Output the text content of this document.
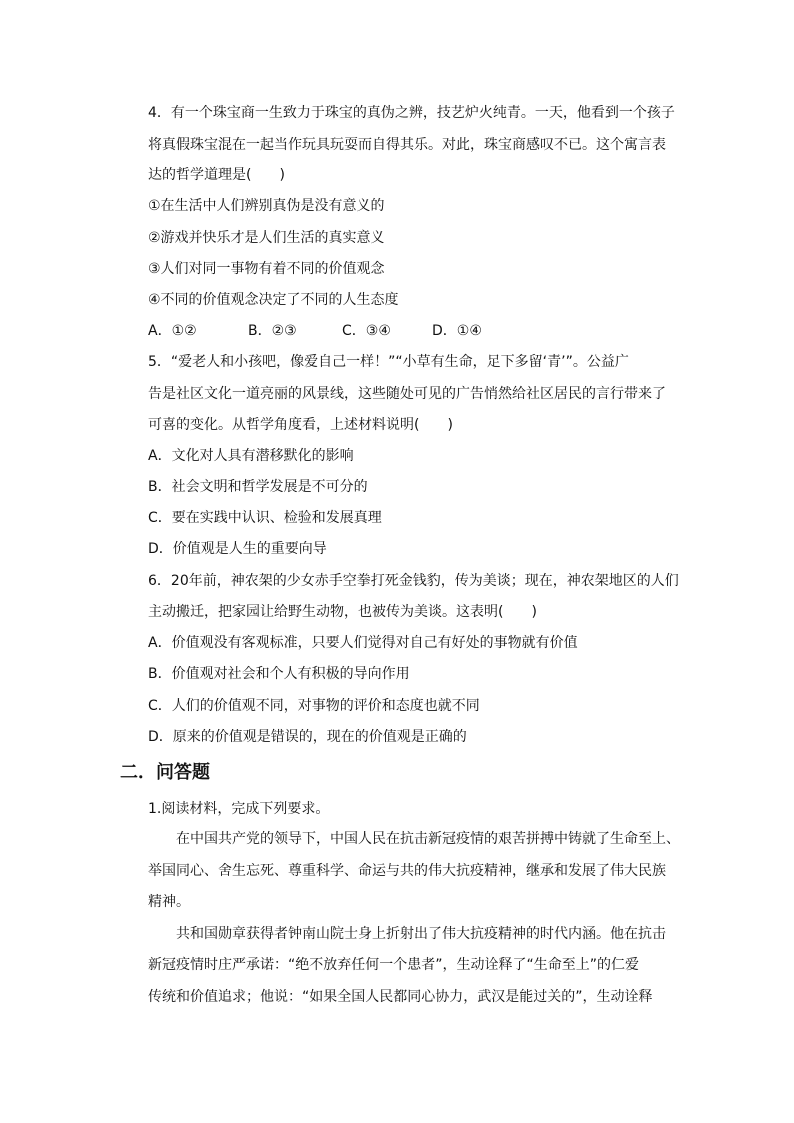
4．有一个珠宝商一生致力于珠宝的真伪之辨，技艺炉火纯青。一天，他看到一个孩子
将真假珠宝混在一起当作玩具玩耍而自得其乐。对此，珠宝商感叹不已。这个寓言表
达的哲学道理是(　　)
①在生活中人们辨别真伪是没有意义的
②游戏并快乐才是人们生活的真实意义
③人们对同一事物有着不同的价值观念
④不同的价值观念决定了不同的人生态度
A．①②	B．②③	C．③④	D．①④
5．“爱老人和小孩吧，像爱自己一样！”“小草有生命，足下多留‘青’”。公益广
告是社区文化一道亮丽的风景线，这些随处可见的广告悄然给社区居民的言行带来了
可喜的变化。从哲学角度看，上述材料说明(　　)
A．文化对人具有潜移默化的影响
B．社会文明和哲学发展是不可分的
C．要在实践中认识、检验和发展真理
D．价值观是人生的重要向导
6．20年前，神农架的少女赤手空拳打死金钱豹，传为美谈；现在，神农架地区的人们
主动搬迁，把家园让给野生动物，也被传为美谈。这表明(　　)
A．价值观没有客观标准，只要人们觉得对自己有好处的事物就有价值
B．价值观对社会和个人有积极的导向作用
C．人们的价值观不同，对事物的评价和态度也就不同
D．原来的价值观是错误的，现在的价值观是正确的
二．问答题
1.阅读材料，完成下列要求。
在中国共产党的领导下，中国人民在抗击新冠疫情的艰苦拼搏中铸就了生命至上、
举国同心、舍生忘死、尊重科学、命运与共的伟大抗疫精神，继承和发展了伟大民族
精神。
共和国勋章获得者钟南山院士身上折射出了伟大抗疫精神的时代内涵。他在抗击
新冠疫情时庄严承诺：“绝不放弃任何一个患者”，生动诠释了“生命至上”的仁爱
传统和价值追求；他说：“如果全国人民都同心协力，武汉是能过关的”，生动诠释
